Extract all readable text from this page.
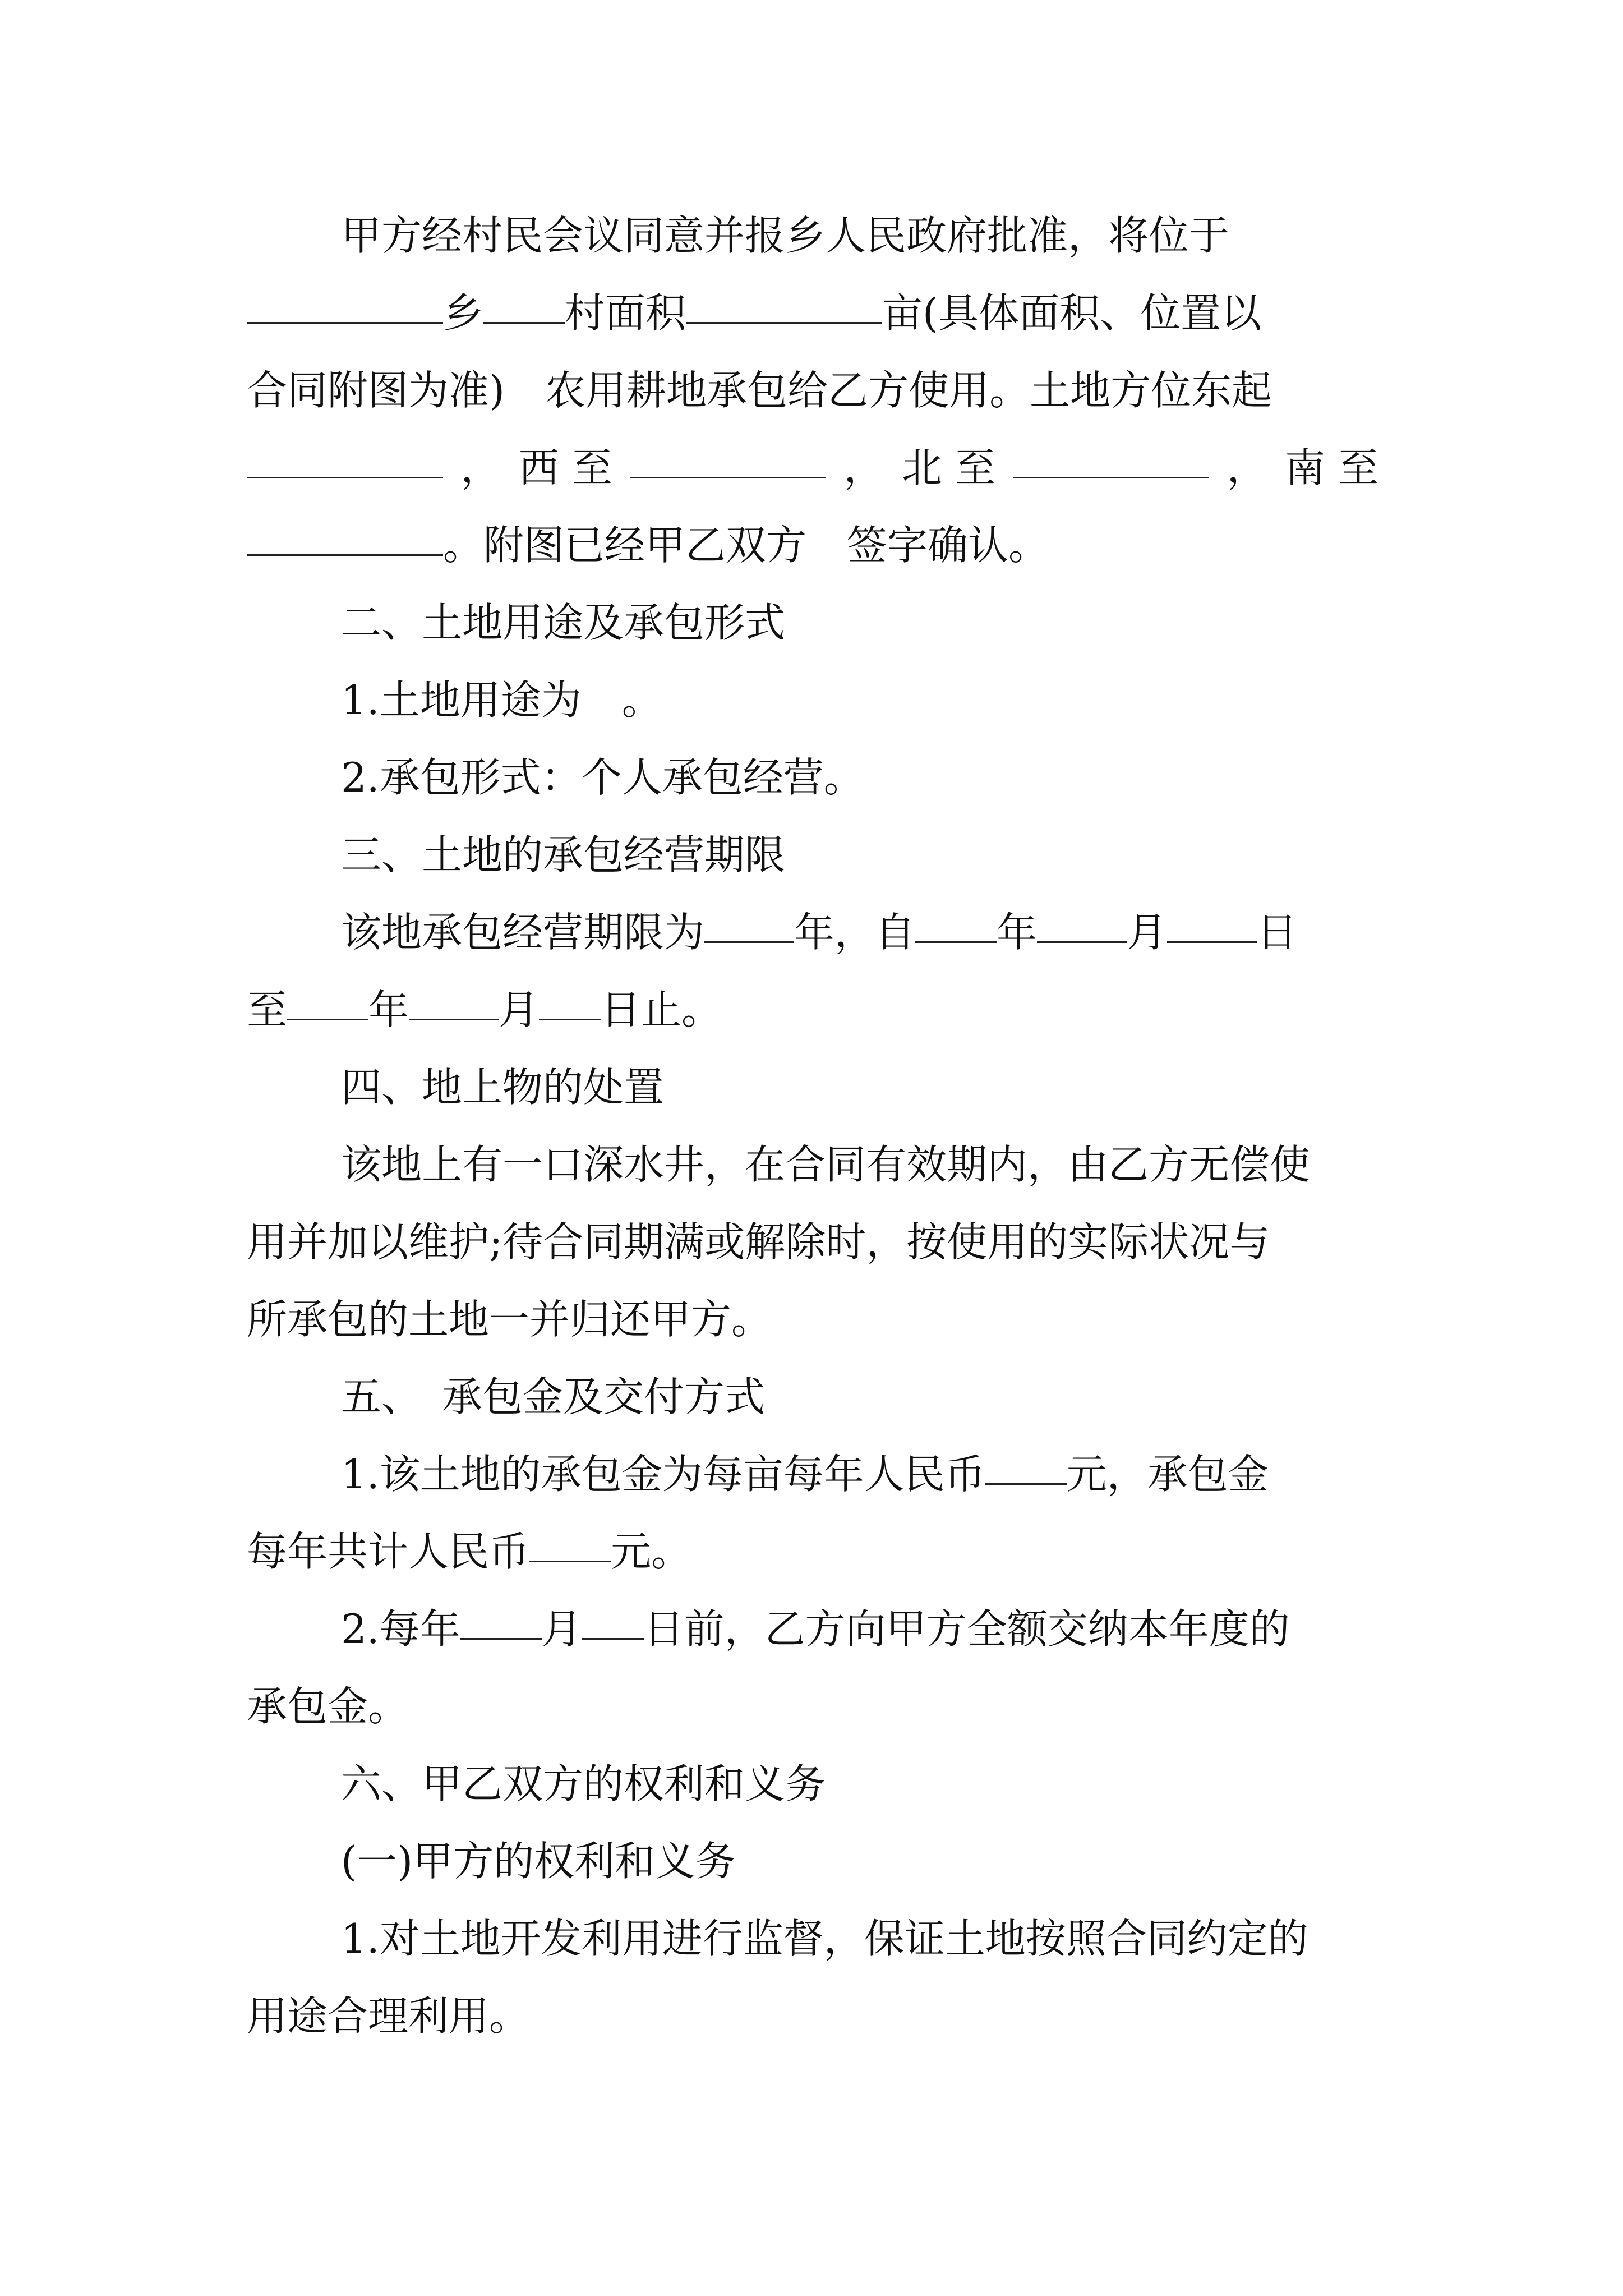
甲方经村民会议同意并报乡人民政府批准，将位于
乡 村面积	亩(具体面积、位置以
合同附图为准)　农用耕地承包给乙方使用。土地方位东起
， 西 至	， 北 至	， 南 至
。附图已经甲乙双方　签字确认。
二、土地用途及承包形式
1.土地用途为　。
2.承包形式：个人承包经营。
三、土地的承包经营期限
该地承包经营期限为 年，自 年 月 日
至 年 月 日止。
四、地上物的处置
该地上有一口深水井，在合同有效期内，由乙方无偿使
用并加以维护;待合同期满或解除时，按使用的实际状况与
所承包的土地一并归还甲方。
五、　承包金及交付方式
1.该土地的承包金为每亩每年人民币 元，承包金
每年共计人民币 元。
2.每年 月 日前，乙方向甲方全额交纳本年度的
承包金。
六、甲乙双方的权利和义务
(一)甲方的权利和义务
1.对土地开发利用进行监督，保证土地按照合同约定的
用途合理利用。
